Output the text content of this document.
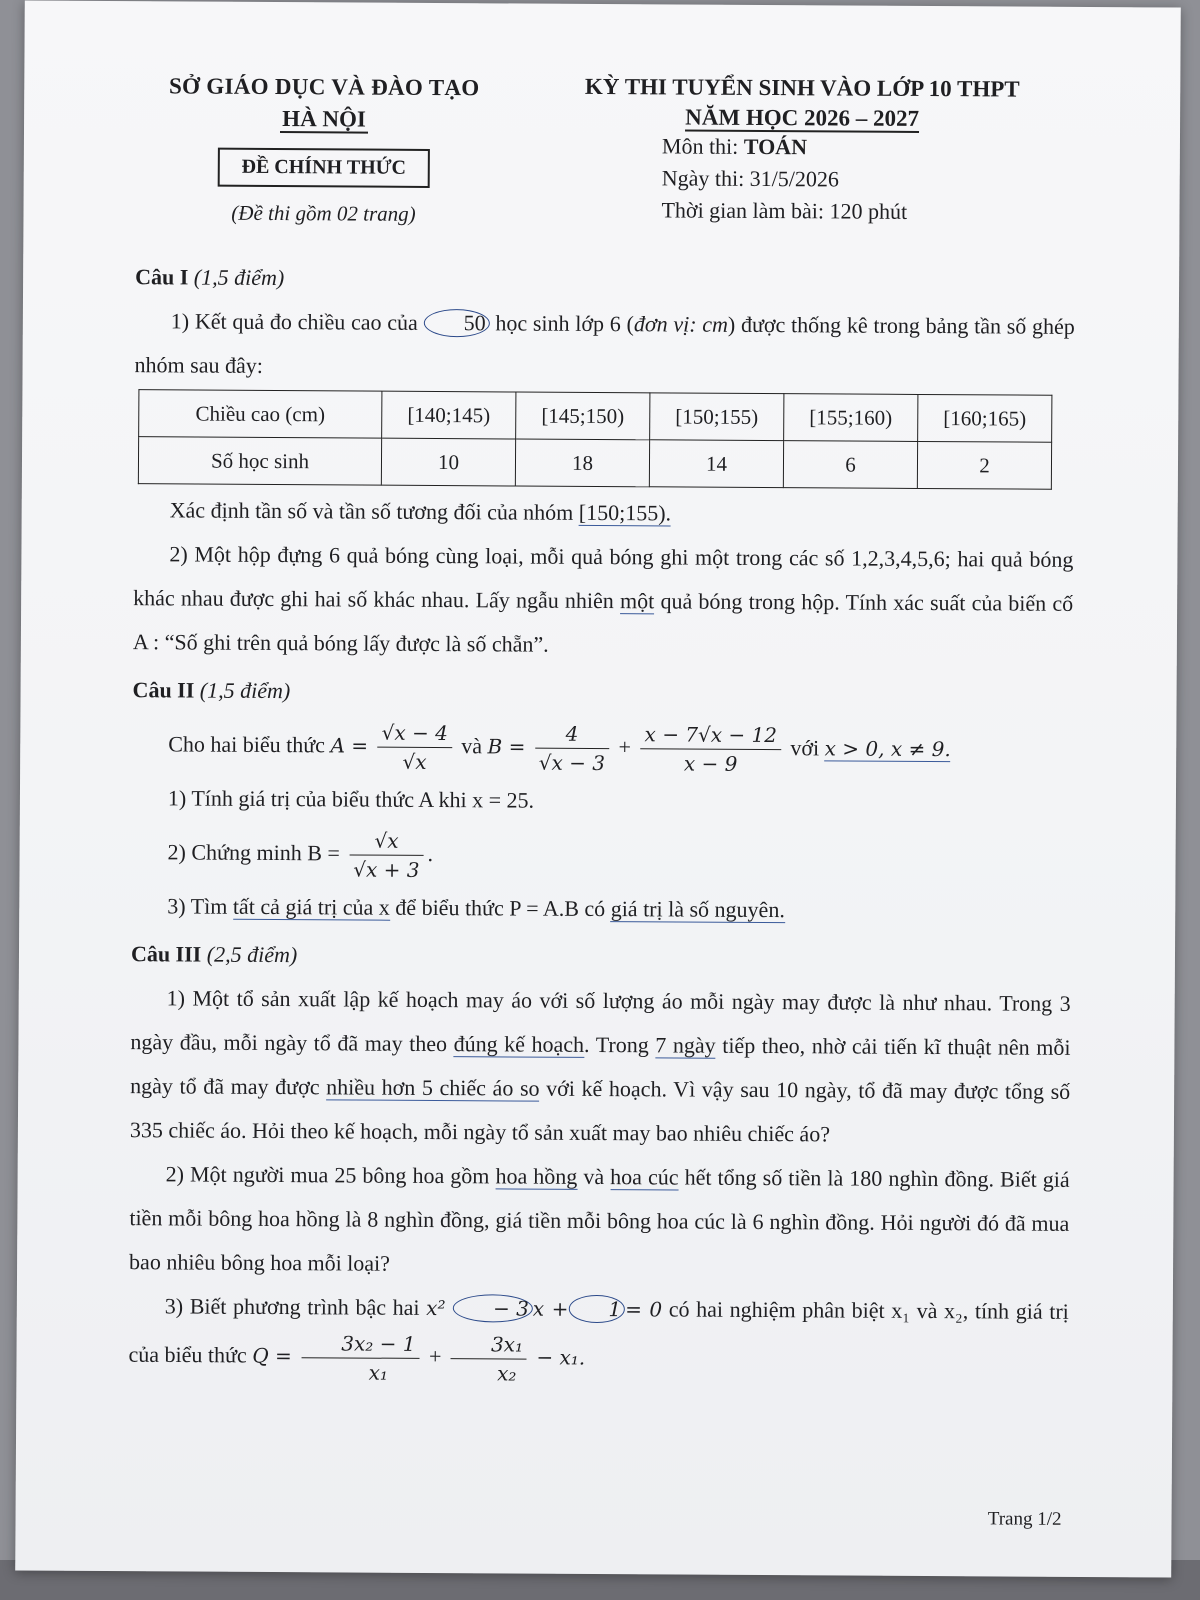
SỞ GIÁO DỤC VÀ ĐÀO TẠO
HÀ NỘI
ĐỀ CHÍNH THỨC
(Đề thi gồm 02 trang)
KỲ THI TUYỂN SINH VÀO LỚP 10 THPT
NĂM HỌC 2026 – 2027
Môn thi: TOÁN
Ngày thi: 31/5/2026
Thời gian làm bài: 120 phút
Câu I (1,5 điểm)
1) Kết quả đo chiều cao của 50 học sinh lớp 6 (đơn vị: cm) được thống kê trong bảng tần số ghép nhóm sau đây:
Chiều cao (cm)	[140;145)	[145;150)	[150;155)	[155;160)	[160;165)
Số học sinh	10	18	14	6	2
Xác định tần số và tần số tương đối của nhóm [150;155).
2) Một hộp đựng 6 quả bóng cùng loại, mỗi quả bóng ghi một trong các số 1,2,3,4,5,6; hai quả bóng khác nhau được ghi hai số khác nhau. Lấy ngẫu nhiên một quả bóng trong hộp. Tính xác suất của biến cố A : “Số ghi trên quả bóng lấy được là số chẵn”.
Câu II (1,5 điểm)
Cho hai biểu thức $A = \frac{√x - 4}{√x}$ và $B = \frac{4}{√x - 3} + \frac{x - 7√x - 12}{x - 9}$ với x > 0, x ≠ 9.
1) Tính giá trị của biểu thức A khi x = 25.
2) Chứng minh $B = \frac{√x}{√x + 3}$ .
3) Tìm tất cả giá trị của x để biểu thức P = A.B có giá trị là số nguyên.
Câu III (2,5 điểm)
1) Một tổ sản xuất lập kế hoạch may áo với số lượng áo mỗi ngày may được là như nhau. Trong 3 ngày đầu, mỗi ngày tổ đã may theo đúng kế hoạch. Trong 7 ngày tiếp theo, nhờ cải tiến kĩ thuật nên mỗi ngày tổ đã may được nhiều hơn 5 chiếc áo so với kế hoạch. Vì vậy sau 10 ngày, tổ đã may được tổng số 335 chiếc áo. Hỏi theo kế hoạch, mỗi ngày tổ sản xuất may bao nhiêu chiếc áo?
2) Một người mua 25 bông hoa gồm hoa hồng và hoa cúc hết tổng số tiền là 180 nghìn đồng. Biết giá tiền mỗi bông hoa hồng là 8 nghìn đồng, giá tiền mỗi bông hoa cúc là 6 nghìn đồng. Hỏi người đó đã mua bao nhiêu bông hoa mỗi loại?
3) Biết phương trình bậc hai x² − 3 x + 1 = 0 có hai nghiệm phân biệt x₁ và x₂, tính giá trị của biểu thức $Q = \frac{\text{3x₂ − 1}}{\text{x₁}} + \frac{\text{3x₁}}{\text{x₂}} - x_1$.
Trang 1/2
